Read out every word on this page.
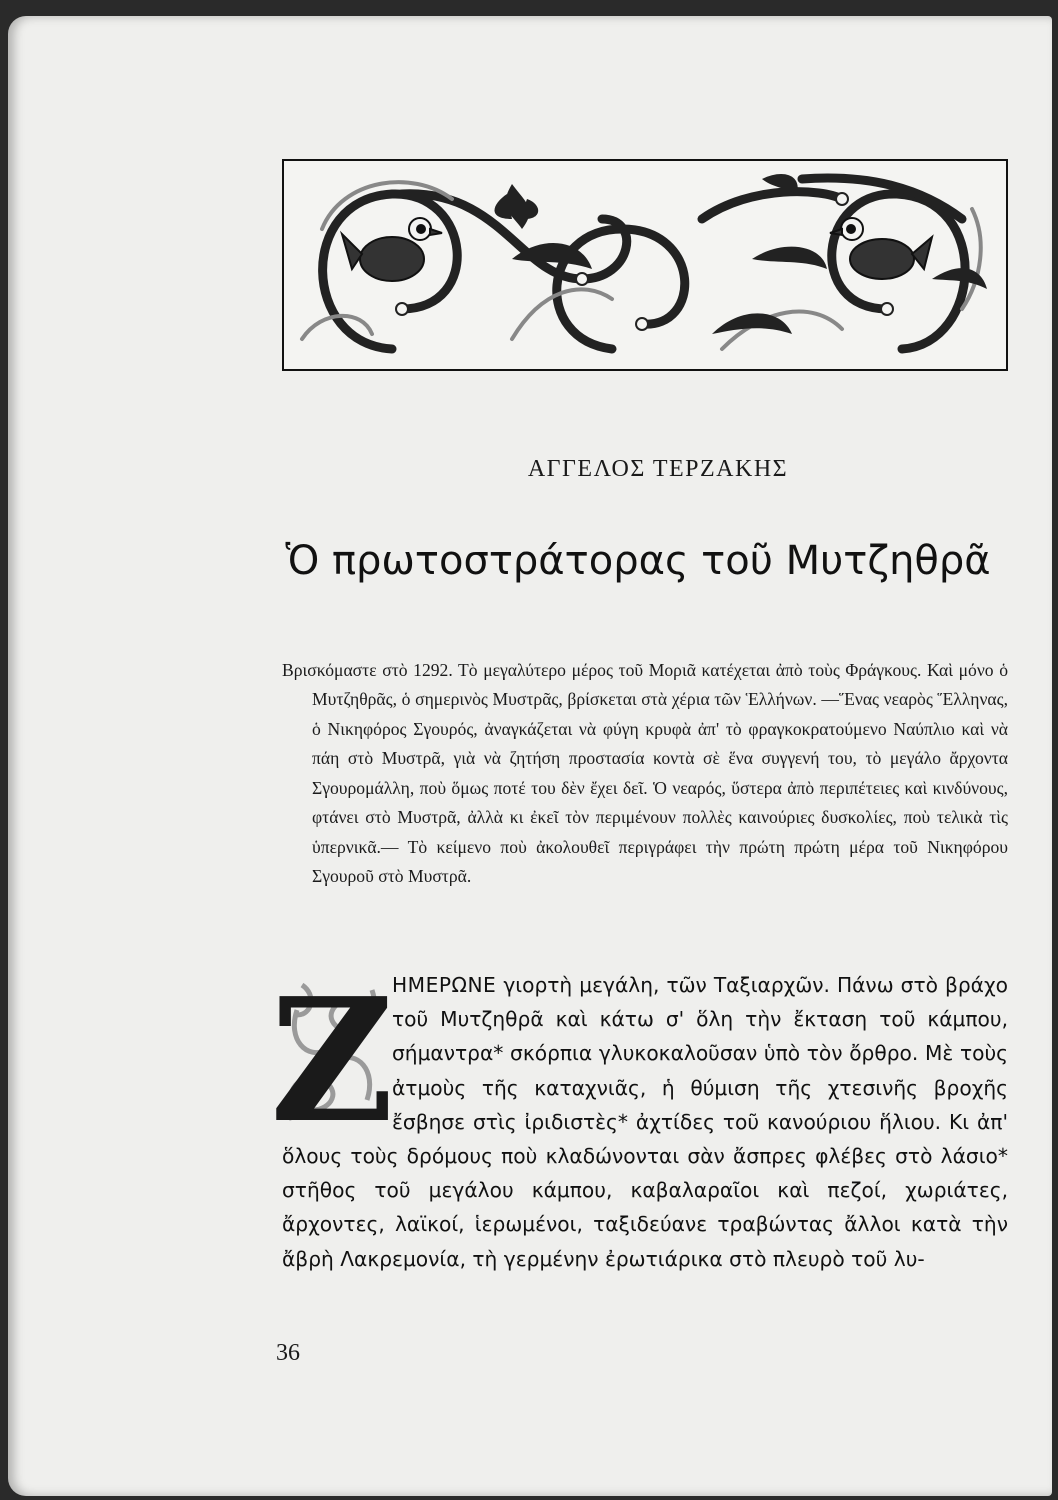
ΑΓΓΕΛΟΣ ΤΕΡΖΑΚΗΣ
Ὁ πρωτοστράτορας τοῦ Μυτζηθρᾶ

Βρισκόμαστε στὸ 1292. Τὸ μεγαλύτερο μέρος τοῦ Μοριᾶ κατέχεται ἀπὸ τοὺς Φράγκους. Καὶ μόνο ὁ Μυτζηθρᾶς, ὁ σημερινὸς Μυστρᾶς, βρίσκεται στὰ χέρια τῶν Ἑλλήνων. —Ἕνας νεαρὸς Ἕλληνας, ὁ Νικηφόρος Σγουρός, ἀναγκάζεται νὰ φύγη κρυφὰ ἀπ' τὸ φραγκοκρατούμενο Ναύπλιο καὶ νὰ πάη στὸ Μυστρᾶ, γιὰ νὰ ζητήση προστασία κοντὰ σὲ ἕνα συγγενή του, τὸ μεγάλο ἄρχοντα Σγουρομάλλη, ποὺ ὅμως ποτέ του δὲν ἔχει δεῖ. Ὁ νεαρός, ὕστερα ἀπὸ περιπέτειες καὶ κινδύνους, φτάνει στὸ Μυστρᾶ, ἀλλὰ κι ἐκεῖ τὸν περιμένουν πολλὲς καινούριες δυσκολίες, ποὺ τελικὰ τὶς ὑπερνικᾶ.— Τὸ κείμενο ποὺ ἀκολουθεῖ περιγράφει τὴν πρώτη πρώτη μέρα τοῦ Νικηφόρου Σγουροῦ στὸ Μυστρᾶ.

Ζ
ΗΜΕΡΩΝΕ γιορτὴ μεγάλη, τῶν Ταξιαρχῶν. Πάνω στὸ βράχο τοῦ Μυτζηθρᾶ καὶ κάτω σ' ὅλη τὴν ἔκταση τοῦ κάμπου, σήμαντρα* σκόρπια γλυκοκαλοῦσαν ὑπὸ τὸν ὄρθρο. Μὲ τοὺς ἀτμοὺς τῆς καταχνιᾶς, ἡ θύμιση τῆς χτεσινῆς βροχῆς ἔσβησε στὶς ἰριδιστὲς* ἀχτίδες τοῦ κανούριου ἥλιου. Κι ἀπ' ὅλους τοὺς δρόμους ποὺ κλαδώνονται σὰν ἄσπρες φλέβες στὸ λάσιο* στῆθος τοῦ μεγάλου κάμπου, καβαλαραῖοι καὶ πεζοί, χωριάτες, ἄρχοντες, λαϊκοί, ἱερωμένοι, ταξιδεύανε τραβώντας ἄλλοι κατὰ τὴν ἄβρὴ Λακρεμονία, τὴ γερμένην ἐρωτιάρικα στὸ πλευρὸ τοῦ λυ-
36
